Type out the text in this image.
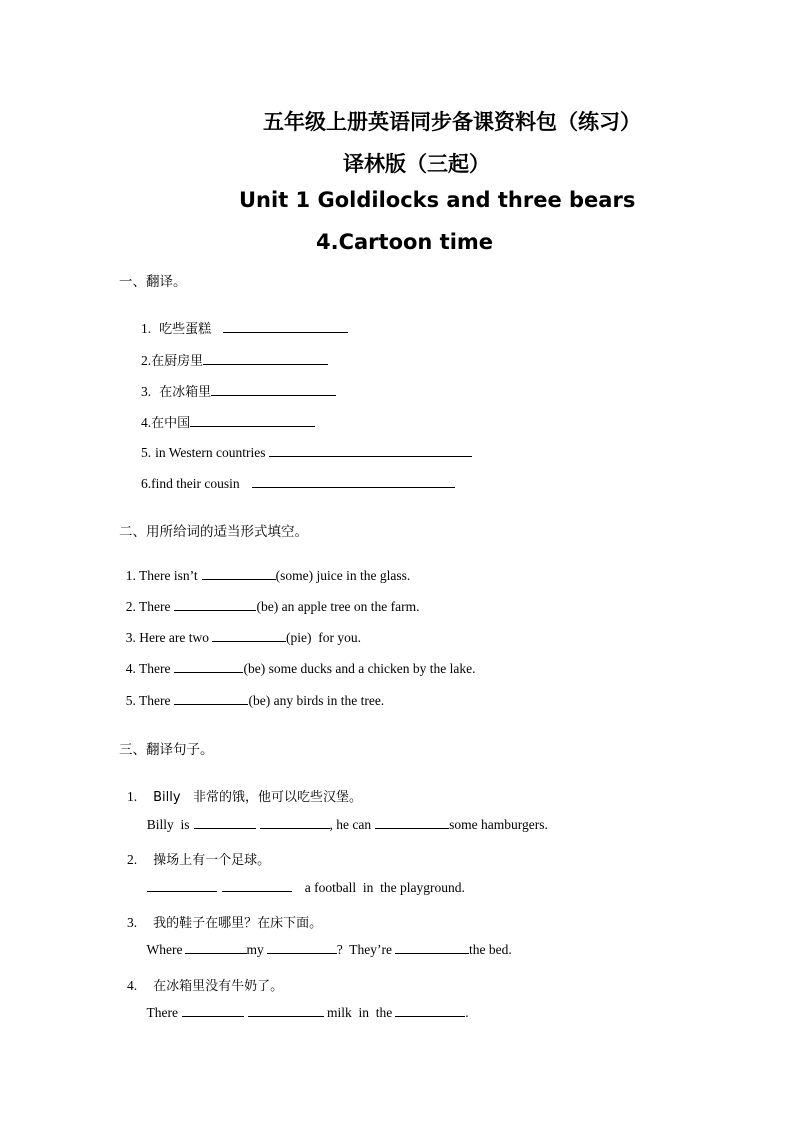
五年级上册英语同步备课资料包（练习）
译林版（三起）
Unit 1 Goldilocks and three bears
4.Cartoon time
一、翻译。

1. 吃些蛋糕

2.在厨房里

3. 在冰箱里

4.在中国

5. in Western countries

6.find their cousin

二、用所给词的适当形式填空。

1. There isn’t	(some) juice in the glass.

2. There	(be) an apple tree on the farm.

3. Here are two	(pie)  for you.

4. There	(be) some ducks and a chicken by the lake.

5. There	(be) any birds in the tree.

三、翻译句子。

1. Billy   非常的饿，他可以吃些汉堡。

Billy  is	, he can	some hamburgers.

2. 操场上有一个足球。

a football  in  the playground.

3. 我的鞋子在哪里？在床下面。

Where	my	?  They’re	the bed.

4. 在冰箱里没有牛奶了。

There	milk  in  the	.
